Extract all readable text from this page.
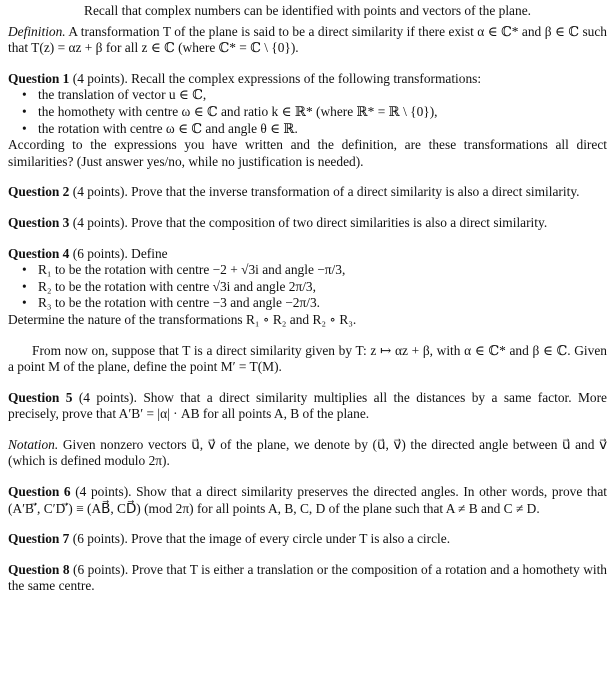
Recall that complex numbers can be identified with points and vectors of the plane.

Definition. A transformation T of the plane is said to be a direct similarity if there exist α ∈ ℂ* and β ∈ ℂ such that T(z) = αz + β for all z ∈ ℂ (where ℂ* = ℂ \ {0}).

Question 1 (4 points). Recall the complex expressions of the following transformations:

• the translation of vector u ∈ ℂ,
• the homothety with centre ω ∈ ℂ and ratio k ∈ ℝ* (where ℝ* = ℝ \ {0}),
• the rotation with centre ω ∈ ℂ and angle θ ∈ ℝ.

According to the expressions you have written and the definition, are these transformations all direct similarities? (Just answer yes/no, while no justification is needed).

Question 2 (4 points). Prove that the inverse transformation of a direct similarity is also a direct similarity.

Question 3 (4 points). Prove that the composition of two direct similarities is also a direct similarity.

Question 4 (6 points). Define

• R₁ to be the rotation with centre −2 + √3i and angle −π/3,
• R₂ to be the rotation with centre √3i and angle 2π/3,
• R₃ to be the rotation with centre −3 and angle −2π/3.

Determine the nature of the transformations R₁ ∘ R₂ and R₂ ∘ R₃.

From now on, suppose that T is a direct similarity given by T: z ↦ αz + β, with α ∈ ℂ* and β ∈ ℂ. Given a point M of the plane, define the point M′ = T(M).

Question 5 (4 points). Show that a direct similarity multiplies all the distances by a same factor. More precisely, prove that A′B′ = |α| · AB for all points A, B of the plane.

Notation. Given nonzero vectors u⃗, v⃗ of the plane, we denote by (u⃗, v⃗) the directed angle between u⃗ and v⃗ (which is defined modulo 2π).

Question 6 (4 points). Show that a direct similarity preserves the directed angles. In other words, prove that (A′B′⃗, C′D′⃗) ≡ (AB⃗, CD⃗) (mod 2π) for all points A, B, C, D of the plane such that A ≠ B and C ≠ D.

Question 7 (6 points). Prove that the image of every circle under T is also a circle.

Question 8 (6 points). Prove that T is either a translation or the composition of a rotation and a homothety with the same centre.
